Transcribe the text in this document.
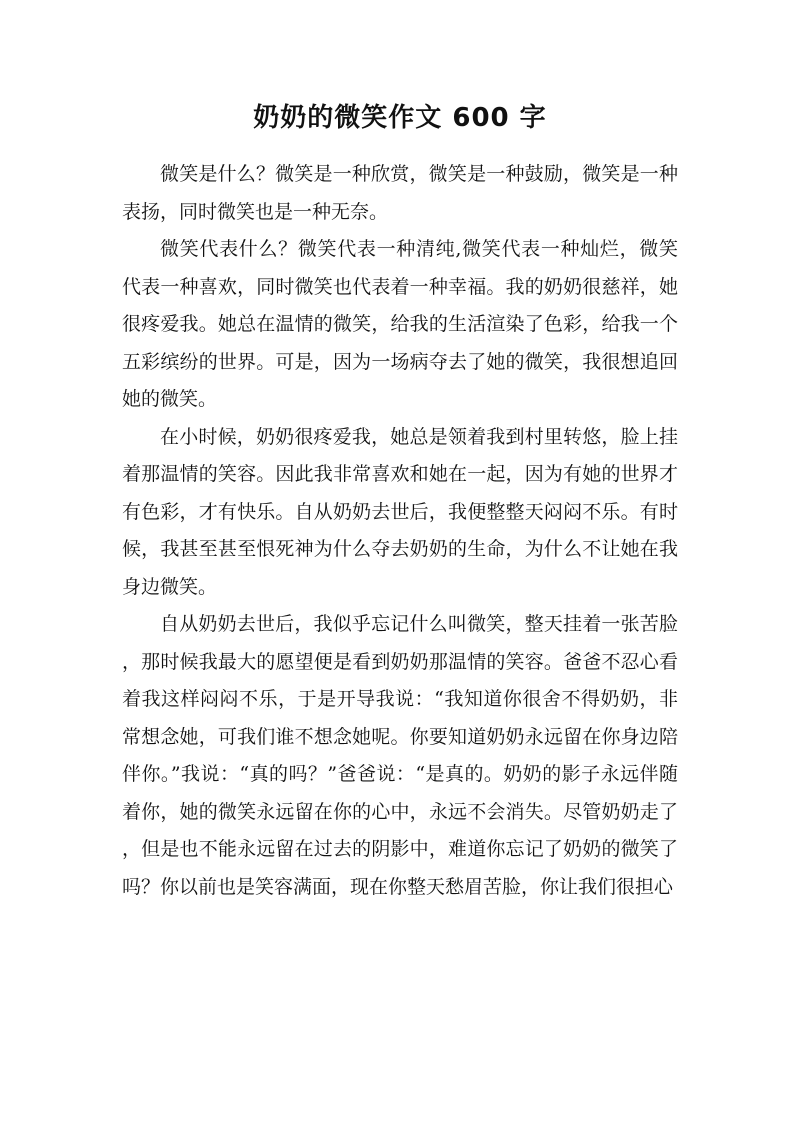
奶奶的微笑作文 600 字

微笑是什么？微笑是一种欣赏，微笑是一种鼓励，微笑是一种表扬，同时微笑也是一种无奈。

微笑代表什么？微笑代表一种清纯,微笑代表一种灿烂，微笑代表一种喜欢，同时微笑也代表着一种幸福。我的奶奶很慈祥，她很疼爱我。她总在温情的微笑，给我的生活渲染了色彩，给我一个五彩缤纷的世界。可是，因为一场病夺去了她的微笑，我很想追回她的微笑。

在小时候，奶奶很疼爱我，她总是领着我到村里转悠，脸上挂着那温情的笑容。因此我非常喜欢和她在一起，因为有她的世界才有色彩，才有快乐。自从奶奶去世后，我便整整天闷闷不乐。有时候，我甚至甚至恨死神为什么夺去奶奶的生命，为什么不让她在我身边微笑。

自从奶奶去世后，我似乎忘记什么叫微笑，整天挂着一张苦脸，那时候我最大的愿望便是看到奶奶那温情的笑容。爸爸不忍心看着我这样闷闷不乐，于是开导我说：“我知道你很舍不得奶奶，非常想念她，可我们谁不想念她呢。你要知道奶奶永远留在你身边陪伴你。”我说：“真的吗？”爸爸说：“是真的。奶奶的影子永远伴随着你，她的微笑永远留在你的心中，永远不会消失。尽管奶奶走了，但是也不能永远留在过去的阴影中，难道你忘记了奶奶的微笑了吗？你以前也是笑容满面，现在你整天愁眉苦脸，你让我们很担心
